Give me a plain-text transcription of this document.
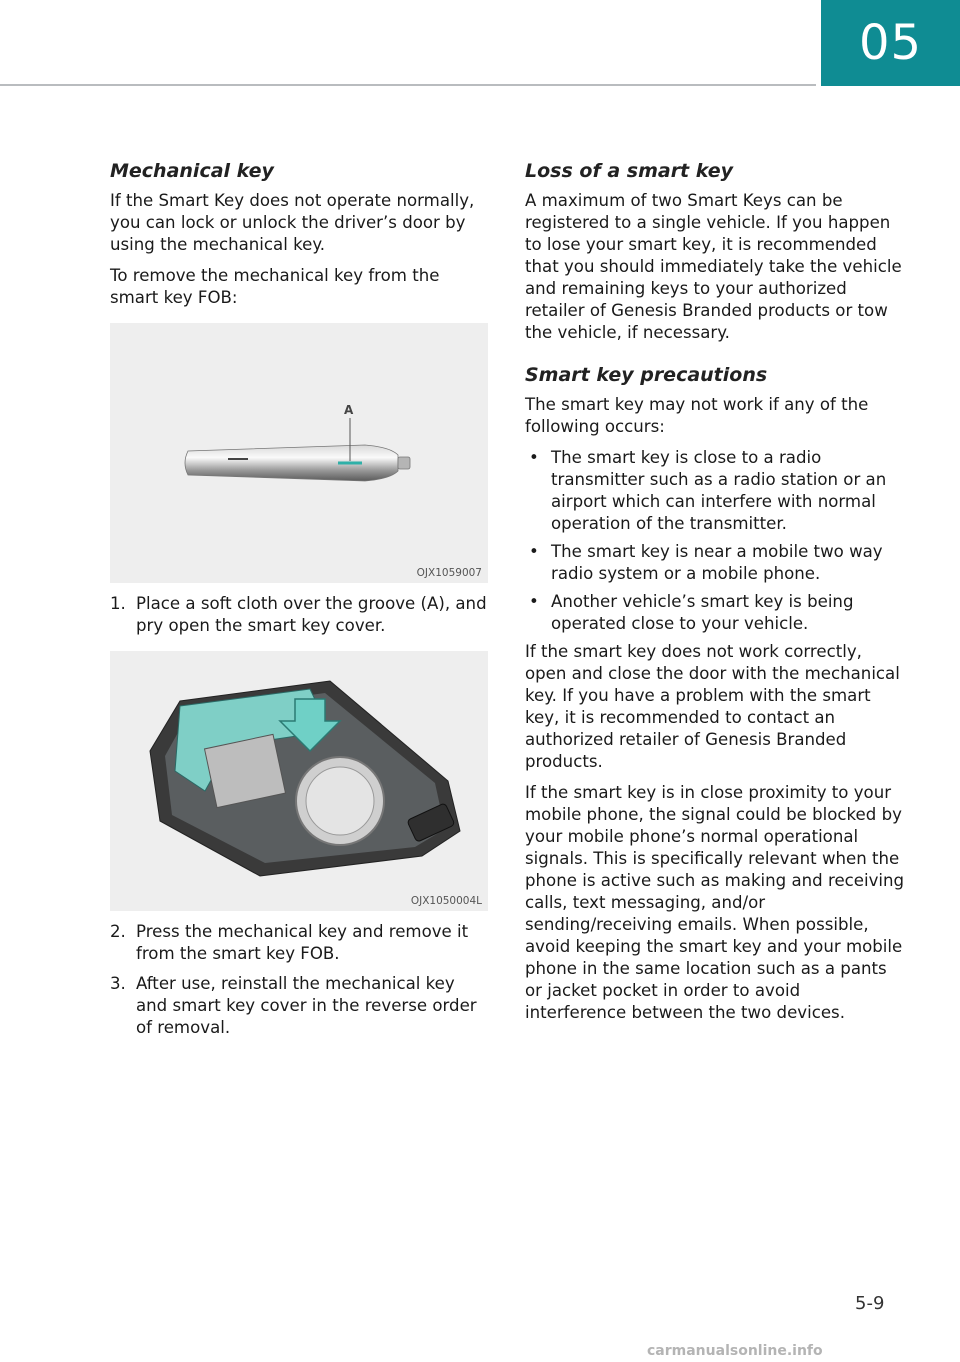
05
Mechanical key

If the Smart Key does not operate normally, you can lock or unlock the driver’s door by using the mechanical key.

To remove the mechanical key from the smart key FOB:

A
OJX1059007
1. Place a soft cloth over the groove (A), and pry open the smart key cover.
OJX1050004L
2. Press the mechanical key and remove it from the smart key FOB.
3. After use, reinstall the mechanical key and smart key cover in the reverse order of removal.
Loss of a smart key

A maximum of two Smart Keys can be registered to a single vehicle. If you happen to lose your smart key, it is recommended that you should immediately take the vehicle and remaining keys to your authorized retailer of Genesis Branded products or tow the vehicle, if necessary.

Smart key precautions

The smart key may not work if any of the following occurs:

• The smart key is close to a radio transmitter such as a radio station or an airport which can interfere with normal operation of the transmitter.
• The smart key is near a mobile two way radio system or a mobile phone.
• Another vehicle’s smart key is being operated close to your vehicle.

If the smart key does not work correctly, open and close the door with the mechanical key. If you have a problem with the smart key, it is recommended to contact an authorized retailer of Genesis Branded products.

If the smart key is in close proximity to your mobile phone, the signal could be blocked by your mobile phone’s normal operational signals. This is specifically relevant when the phone is active such as making and receiving calls, text messaging, and/or sending/receiving emails. When possible, avoid keeping the smart key and your mobile phone in the same location such as a pants or jacket pocket in order to avoid interference between the two devices.

5-9
carmanualsonline.info
